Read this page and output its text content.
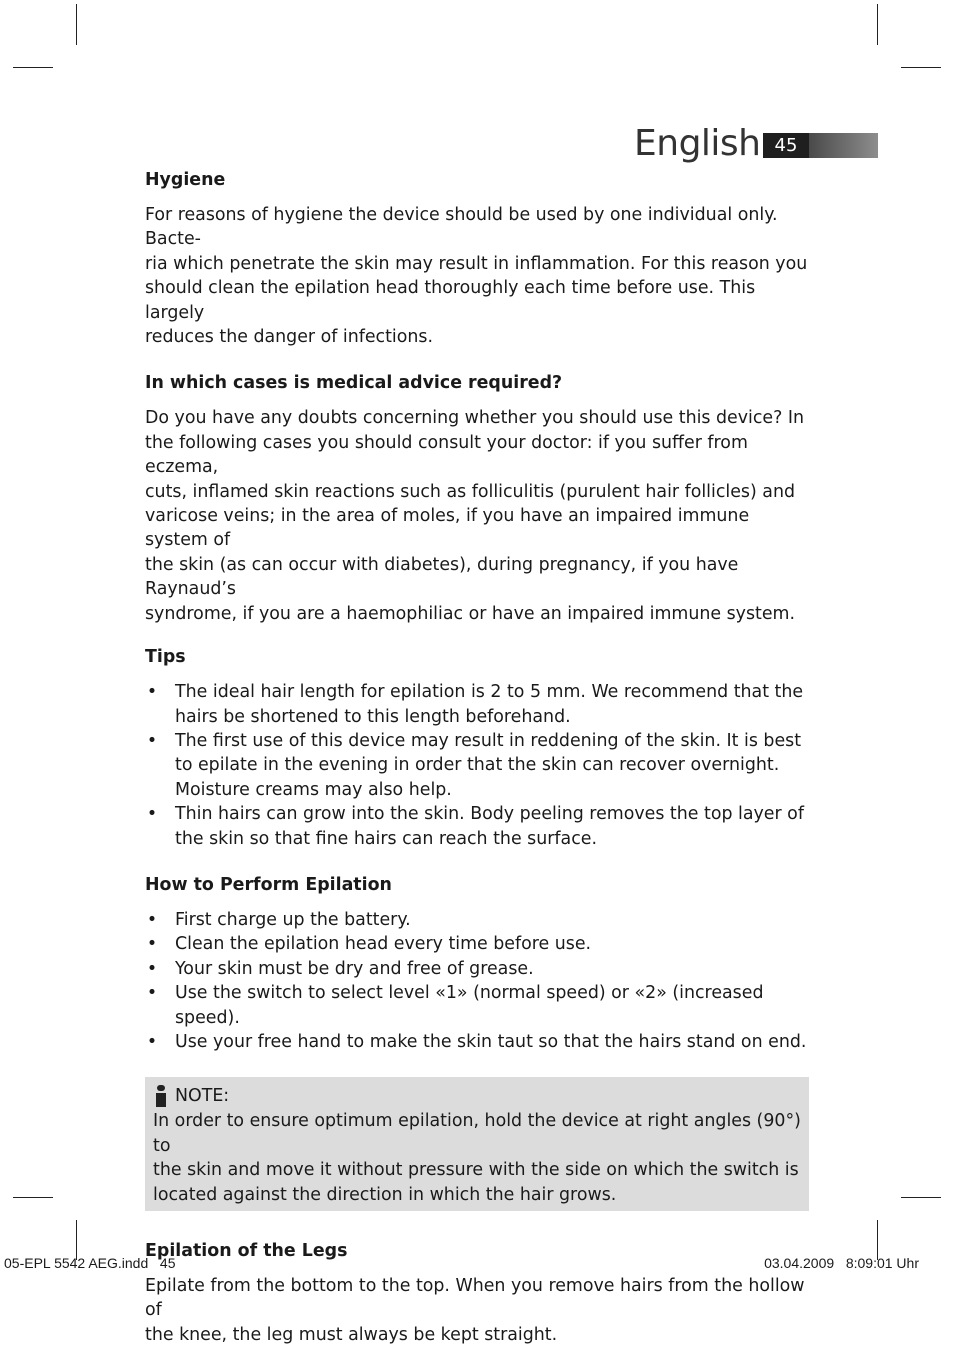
English 45
Hygiene
For reasons of hygiene the device should be used by one individual only. Bacte-
ria which penetrate the skin may result in inflammation. For this reason you
should clean the epilation head thoroughly each time before use. This largely
reduces the danger of infections.
In which cases is medical advice required?
Do you have any doubts concerning whether you should use this device? In
the following cases you should consult your doctor: if you suffer from eczema,
cuts, inflamed skin reactions such as folliculitis (purulent hair follicles) and
varicose veins; in the area of moles, if you have an impaired immune system of
the skin (as can occur with diabetes), during pregnancy, if you have Raynaud’s
syndrome, if you are a haemophiliac or have an impaired immune system.
Tips
• The ideal hair length for epilation is 2 to 5 mm. We recommend that the
hairs be shortened to this length beforehand.
• The first use of this device may result in reddening of the skin. It is best
to epilate in the evening in order that the skin can recover overnight.
Moisture creams may also help.
• Thin hairs can grow into the skin. Body peeling removes the top layer of
the skin so that fine hairs can reach the surface.
How to Perform Epilation
• First charge up the battery.
• Clean the epilation head every time before use.
• Your skin must be dry and free of grease.
• Use the switch to select level «1» (normal speed) or «2» (increased speed).
• Use your free hand to make the skin taut so that the hairs stand on end.
NOTE:
In order to ensure optimum epilation, hold the device at right angles (90°) to
the skin and move it without pressure with the side on which the switch is
located against the direction in which the hair grows.
Epilation of the Legs
Epilate from the bottom to the top. When you remove hairs from the hollow of
the knee, the leg must always be kept straight.
05-EPL 5542 AEG.indd   45	03.04.2009   8:09:01 Uhr
